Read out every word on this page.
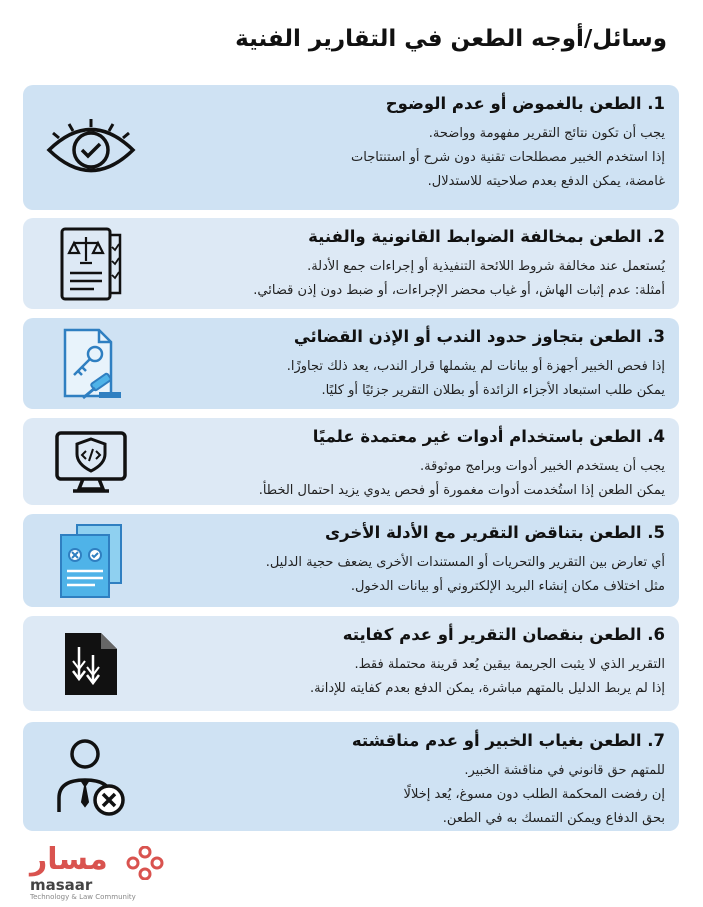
وسائل/أوجه الطعن في التقارير الفنية
1. الطعن بالغموض أو عدم الوضوح

يجب أن تكون نتائج التقرير مفهومة وواضحة.

إذا استخدم الخبير مصطلحات تقنية دون شرح أو استنتاجات

غامضة، يمكن الدفع بعدم صلاحيته للاستدلال.

2. الطعن بمخالفة الضوابط القانونية والفنية

يُستعمل عند مخالفة شروط اللائحة التنفيذية أو إجراءات جمع الأدلة.

أمثلة: عدم إثبات الهاش، أو غياب محضر الإجراءات، أو ضبط دون إذن قضائي.

3. الطعن بتجاوز حدود الندب أو الإذن القضائي

إذا فحص الخبير أجهزة أو بيانات لم يشملها قرار الندب، يعد ذلك تجاوزًا.

يمكن طلب استبعاد الأجزاء الزائدة أو بطلان التقرير جزئيًا أو كليًا.

4. الطعن باستخدام أدوات غير معتمدة علميًا

يجب أن يستخدم الخبير أدوات وبرامج موثوقة.

يمكن الطعن إذا استُخدمت أدوات مغمورة أو فحص يدوي يزيد احتمال الخطأ.

5. الطعن بتناقض التقرير مع الأدلة الأخرى

أي تعارض بين التقرير والتحريات أو المستندات الأخرى يضعف حجية الدليل.

مثل اختلاف مكان إنشاء البريد الإلكتروني أو بيانات الدخول.

6. الطعن بنقصان التقرير أو عدم كفايته

التقرير الذي لا يثبت الجريمة بيقين يُعد قرينة محتملة فقط.

إذا لم يربط الدليل بالمتهم مباشرة، يمكن الدفع بعدم كفايته للإدانة.

7. الطعن بغياب الخبير أو عدم مناقشته

للمتهم حق قانوني في مناقشة الخبير.

إن رفضت المحكمة الطلب دون مسوغ، يُعد إخلالًا

بحق الدفاع ويمكن التمسك به في الطعن.

مسار
masaar
Technology & Law Community
